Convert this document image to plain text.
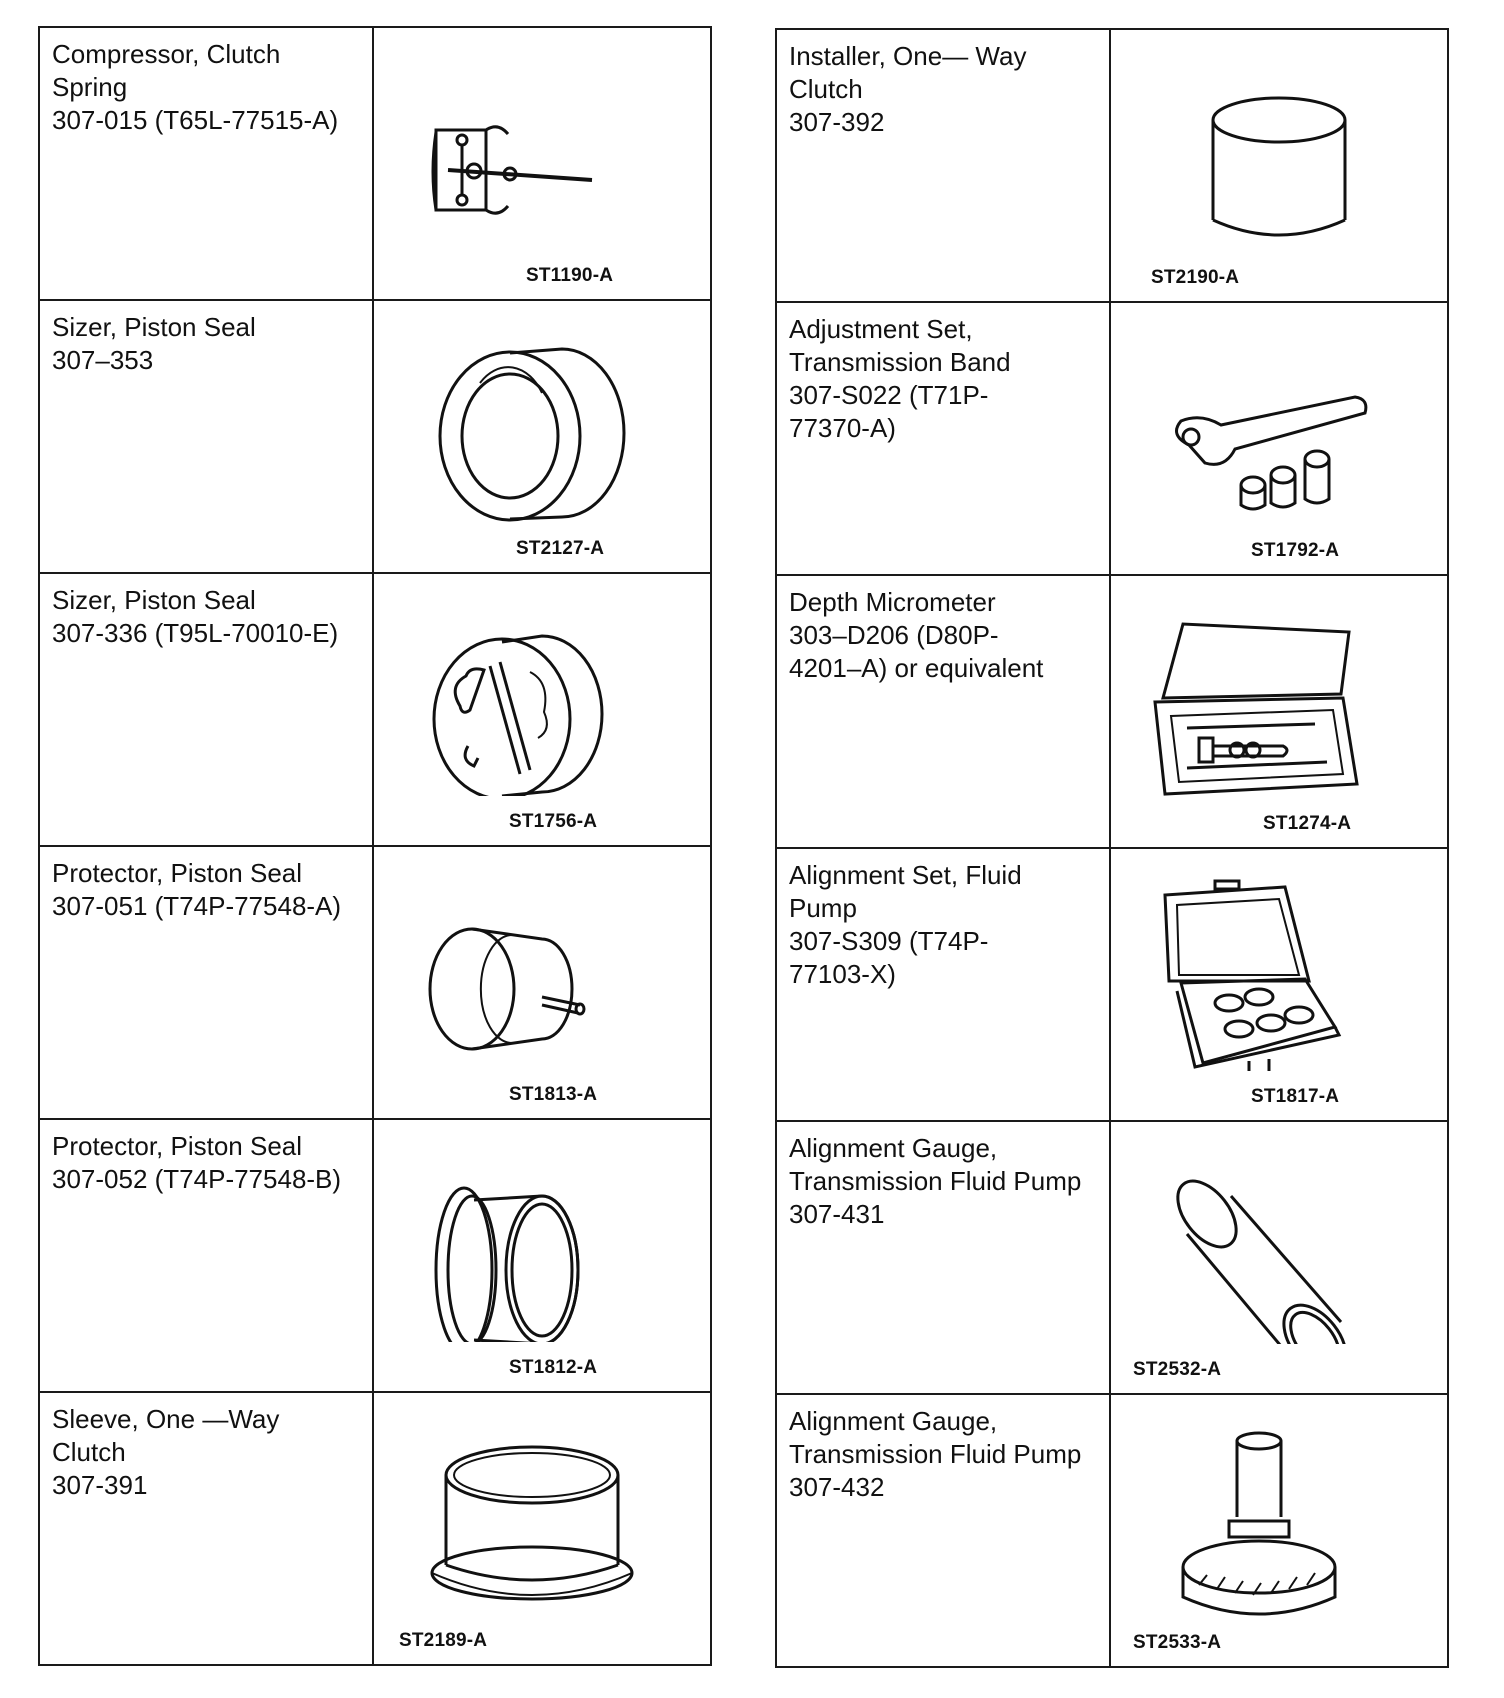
Compressor, Clutch
Spring
307-015 (T65L-77515-A)	ST1190-A

Sizer, Piston Seal
307–353	ST2127-A

Sizer, Piston Seal
307-336 (T95L-70010-E)	ST1756-A

Protector, Piston Seal
307-051 (T74P-77548-A)	ST1813-A

Protector, Piston Seal
307-052 (T74P-77548-B)	ST1812-A

Sleeve, One —Way
Clutch
307-391	ST2189-A
Installer, One— Way
Clutch
307-392	ST2190-A

Adjustment Set,
Transmission Band
307-S022 (T71P-
77370-A)	ST1792-A

Depth Micrometer
303–D206 (D80P-
4201–A) or equivalent	ST1274-A

Alignment Set, Fluid
Pump
307-S309 (T74P-
77103-X)	ST1817-A

Alignment Gauge,
Transmission Fluid Pump
307-431	ST2532-A

Alignment Gauge,
Transmission Fluid Pump
307-432	ST2533-A
